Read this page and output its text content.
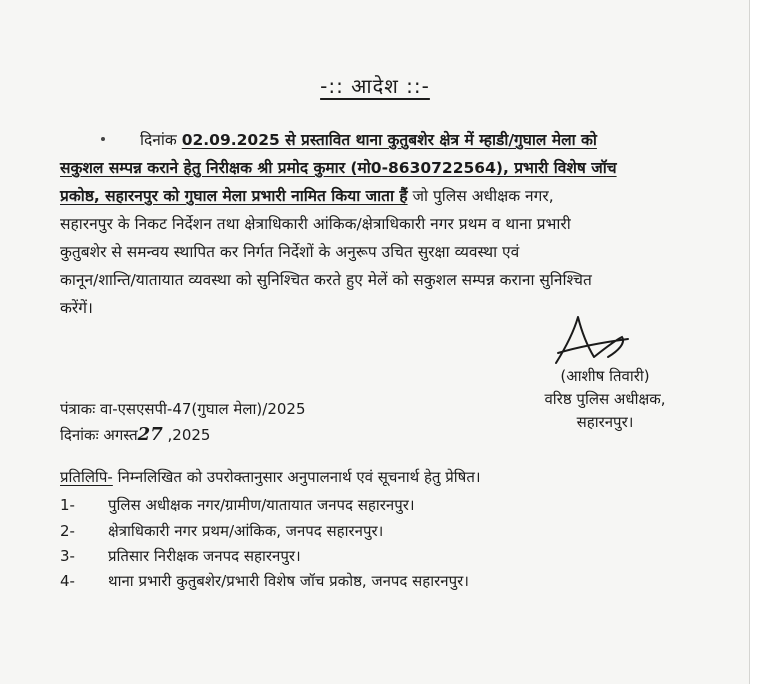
-:: आदेश ::-
दिनांक 02.09.2025 से प्रस्तावित थाना कुतुबशेर क्षेत्र में म्हाडी/गुघाल मेला को
सकुशल सम्पन्न कराने हेतु निरीक्षक श्री प्रमोद कुमार (मो0-8630722564), प्रभारी विशेष जॉच
प्रकोष्ठ, सहारनपुर को गुघाल मेला प्रभारी नामित किया जाता हैं जो पुलिस अधीक्षक नगर,
सहारनपुर के निकट निर्देशन तथा क्षेत्राधिकारी आंकिक/क्षेत्राधिकारी नगर प्रथम व थाना प्रभारी
कुतुबशेर से समन्वय स्थापित कर निर्गत निर्देशों के अनुरूप उचित सुरक्षा व्यवस्था एवं
कानून/शान्ति/यातायात व्यवस्था को सुनिश्चित करते हुए मेलें को सकुशल सम्पन्न कराना सुनिश्चित
करेंगें।
(आशीष तिवारी)
वरिष्ठ पुलिस अधीक्षक,
सहारनपुर।
पंत्राकः वा-एसएसपी-47(गुघाल मेला)/2025
दिनांकः अगस्त27 ,2025
प्रतिलिपि- निम्नलिखित को उपरोक्तानुसार अनुपालनार्थ एवं सूचनार्थ हेतु प्रेषित।
1- पुलिस अधीक्षक नगर/ग्रामीण/यातायात जनपद सहारनपुर।
2- क्षेत्राधिकारी नगर प्रथम/आंकिक, जनपद सहारनपुर।
3- प्रतिसार निरीक्षक जनपद सहारनपुर।
4- थाना प्रभारी कुतुबशेर/प्रभारी विशेष जॉच प्रकोष्ठ, जनपद सहारनपुर।
